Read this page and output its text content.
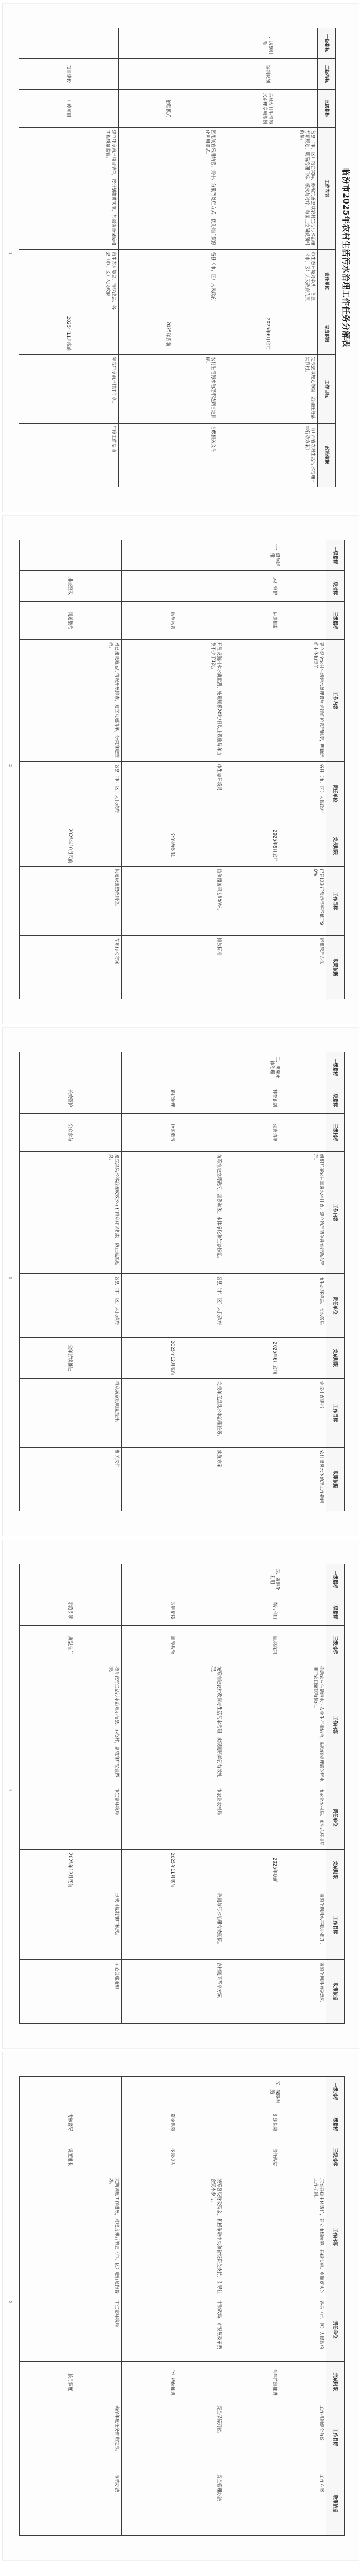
临汾市2025年农村生活污水治理工作任务分解表
一级指标	二级指标	三级指标	工作内容	责任单位	完成时限	工作目标	政策依据
一、规划引领	编制规划	县域农村生活污水治理专项规划	各县（市、区）结合实际，修编完善县域农村生活污水治理专项规划，明确治理目标、模式与时序，与国土空间规划相衔接。	市生态环境局牵头，各县（市、区）人民政府负责	2025年6月底前	完成县域规划修编，治理任务落实到村。	《山西省农村生活污水治理三年行动方案》
		治理模式	因地制宜采用纳管、集中、分散等处理方式，优先推广资源化利用模式。	各县（市、区）人民政府	2025年底前	农村生活污水治理率达到省定目标。	省级相关文件
	项目建设	年度项目	建立年度治理项目清单，按计划推进实施，加强资金保障和工程质量监管。	市生态环境局、市财政局、各县（市、区）人民政府	2025年11月底前	完成年度治理村庄任务。	年度工作要点
1
一级指标	二级指标	三级指标	工作内容	责任单位	完成时限	工作目标	政策依据
二、设施运维	运行管护	运维机制	建立健全农村生活污水处理设施运行维护管理制度，明确运维主体和责任。	各县（市、区）人民政府	2025年9月底前	已建设施正常运行率不低于90%。	运维管理办法
		监测监管	开展设施出水水质监测，处理规模20吨/日以上设施每年监测不少于1次。	市生态环境局	全年持续推进	监测覆盖率达100%。	排放标准
	排查整改	问题整治	对已建设施运行情况开展排查，建立问题清单，分类推进整改。	各县（市、区）人民政府	2025年10月底前	问题设施整改到位。	专项行动方案
2
一级指标	二级指标	三级指标	工作内容	责任单位	完成时限	工作目标	政策依据
三、黑臭水体治理	排查识别	动态清单	组织开展农村黑臭水体排查，建立治理清单并实行动态管理。	市生态环境局、市水务局	2025年6月底前	完成排查建档。	农村黑臭水体治理工作指南
	系统治理	控源截污	统筹推进控源截污、清淤疏浚、水体净化和生态修复。	各县（市、区）人民政府	2025年12月底前	完成年度黑臭水体治理任务。	实施方案
	长效管护	公众参与	建立黑臭水体治理成效公示和群众评议机制，防止返黑返臭。	各县（市、区）人民政府	全年持续推进	群众满意度明显提升。	相关文件
3
一级指标	二级指标	三级指标	工作内容	责任单位	完成时限	工作目标	政策依据
四、资源化利用	粪污利用	就地消纳	推动农村生活污水与农业生产相结合，鼓励经处理后的尾水用于农田灌溉和绿化。	市农业农村局、市生态环境局	2025年底前	资源化利用水平稳步提升。	资源化利用指导意见
	改厕衔接	厕污共治	统筹推进农村改厕与生活污水治理，实现厕所粪污有效处理。	市农业农村局	2025年11月底前	改厕与污水治理有效衔接。	农村厕所革命方案
	示范引领	典型推广	培育农村生活污水治理示范县、示范村，总结推广经验做法。	市生态环境局	2025年12月底前	形成可复制推广模式。	示范创建通知
4
一级指标	二级指标	三级指标	工作内容	责任单位	完成时限	工作目标	政策依据
五、保障措施	组织保障	责任落实	压实县级主体责任，建立市级统筹、县级实施、乡镇落实的工作机制。	各县（市、区）人民政府	全年持续推进	工作机制健全有效。	工作方案
	资金保障	多元投入	统筹各级财政资金，积极争取中央和省级资金支持，引导社会资本参与。	市财政局、市发展改革委	全年持续推进	资金保障到位。	资金管理办法
	考核督导	调度通报	定期调度工作进展，对进度滞后的县（市、区）进行通报督办。	市生态环境局	按月调度	确保年度任务如期完成。	考核办法
5
